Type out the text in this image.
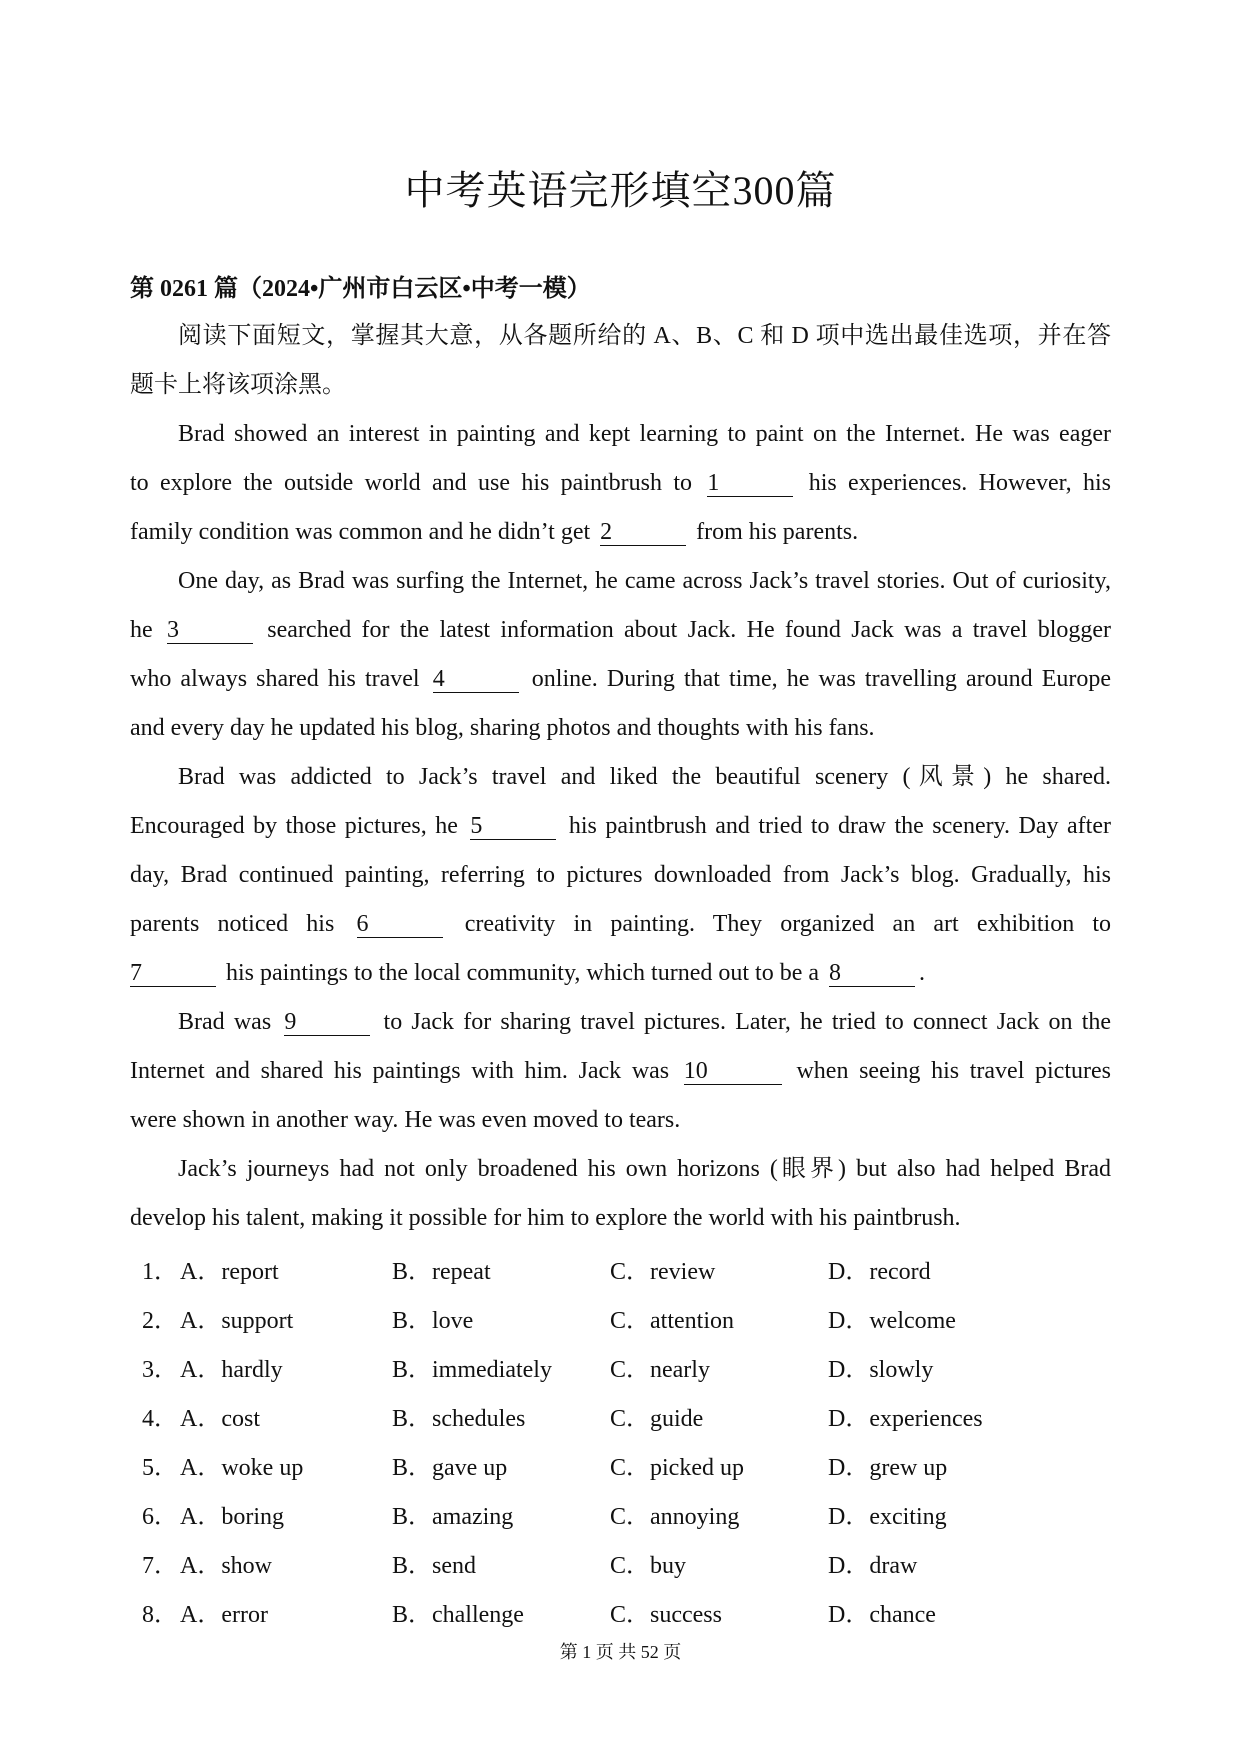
中考英语完形填空300篇
第 0261 篇（2024•广州市白云区•中考一模）
阅读下面短文，掌握其大意，从各题所给的 A、B、C 和 D 项中选出最佳选项，并在答
题卡上将该项涂黑。
Brad showed an interest in painting and kept learning to paint on the Internet. He was eager
to explore the outside world and use his paintbrush to 1	his experiences. However, his
family condition was common and he didn’t get 2	from his parents.
One day, as Brad was surfing the Internet, he came across Jack’s travel stories. Out of curiosity,
he 3	searched for the latest information about Jack. He found Jack was a travel blogger
who always shared his travel 4	online. During that time, he was travelling around Europe
and every day he updated his blog, sharing photos and thoughts with his fans.
Brad was addicted to Jack’s travel and liked the beautiful scenery (风景) he shared.
Encouraged by those pictures, he 5	his paintbrush and tried to draw the scenery. Day after
day, Brad continued painting, referring to pictures downloaded from Jack’s blog. Gradually, his
parents noticed his 6	creativity in painting. They organized an art exhibition to
7	his paintings to the local community, which turned out to be a 8	.
Brad was 9	to Jack for sharing travel pictures. Later, he tried to connect Jack on the
Internet and shared his paintings with him. Jack was 10	when seeing his travel pictures
were shown in another way. He was even moved to tears.
Jack’s journeys had not only broadened his own horizons (眼界) but also had helped Brad
develop his talent, making it possible for him to explore the world with his paintbrush.
1． A．report	B．repeat	C．review	D．record
2． A．support	B．love	C．attention	D．welcome
3． A．hardly	B．immediately C．nearly	D．slowly
4． A．cost	B．schedules	C．guide	D．experiences
5． A．woke up	B．gave up	C．picked up	D．grew up
6． A．boring	B．amazing	C．annoying	D．exciting
7． A．show	B．send	C．buy	D．draw
8． A．error	B．challenge	C．success	D．chance
第 1 页 共 52 页
